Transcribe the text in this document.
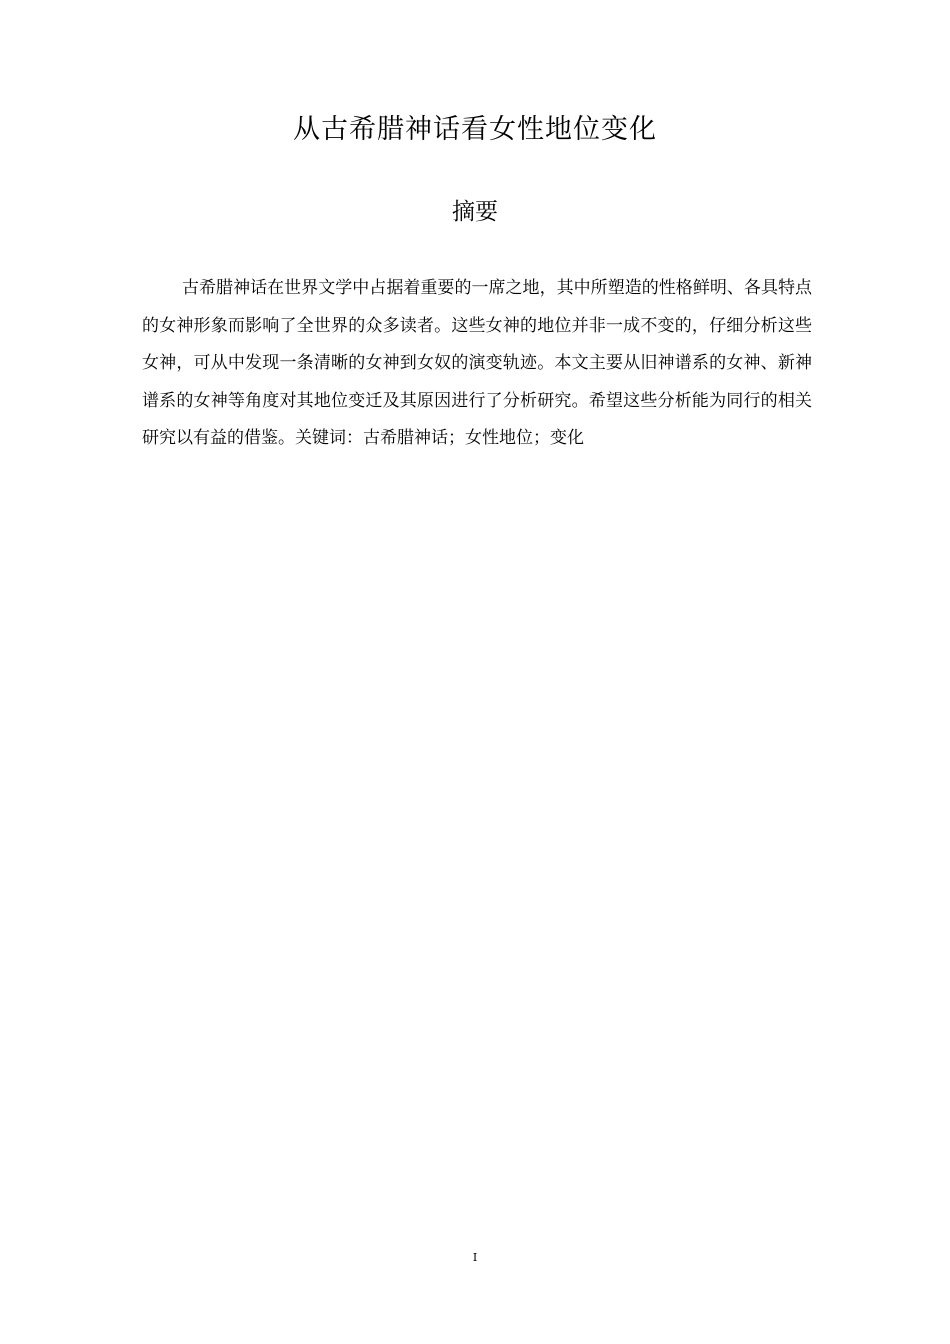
从古希腊神话看女性地位变化
摘要

古希腊神话在世界文学中占据着重要的一席之地，其中所塑造的性格鲜明、各具特点的女神形象而影响了全世界的众多读者。这些女神的地位并非一成不变的，仔细分析这些女神，可从中发现一条清晰的女神到女奴的演变轨迹。本文主要从旧神谱系的女神、新神谱系的女神等角度对其地位变迁及其原因进行了分析研究。希望这些分析能为同行的相关研究以有益的借鉴。关键词：古希腊神话；女性地位；变化

I
